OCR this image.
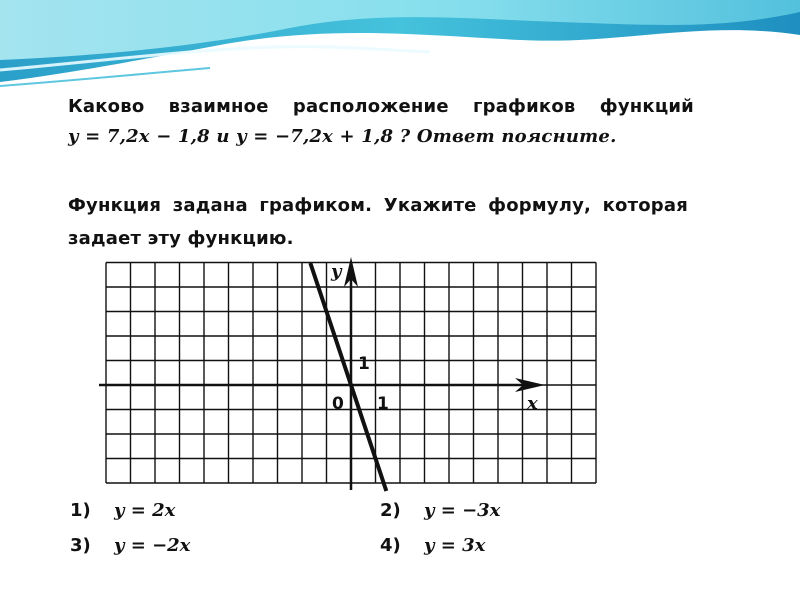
Каково взаимное расположение графиков функций
y = 7,2x − 1,8 и y = −7,2x + 1,8 ? Ответ поясните.
Функция задана графиком. Укажите формулу, которая
задает эту функцию.
y
x
0 1
1
1) y = 2x	2) y = −3x
3) y = −2x	4) y = 3x
